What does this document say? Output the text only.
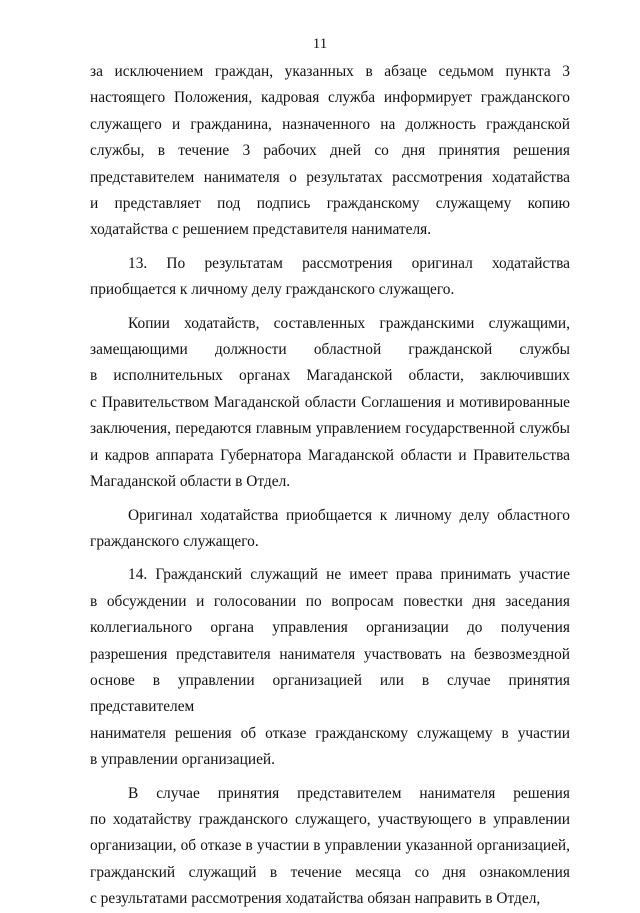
11
за исключением граждан, указанных в абзаце седьмом пункта 3
настоящего Положения, кадровая служба информирует гражданского
служащего и гражданина, назначенного на должность гражданской
службы, в течение 3 рабочих дней со дня принятия решения
представителем нанимателя о результатах рассмотрения ходатайства
и представляет под подпись гражданскому служащему копию
ходатайства с решением представителя нанимателя.
13. По результатам рассмотрения оригинал ходатайства
приобщается к личному делу гражданского служащего.
Копии ходатайств, составленных гражданскими служащими,
замещающими должности областной гражданской службы
в исполнительных органах Магаданской области, заключивших
с Правительством Магаданской области Соглашения и мотивированные
заключения, передаются главным управлением государственной службы
и кадров аппарата Губернатора Магаданской области и Правительства
Магаданской области в Отдел.
Оригинал ходатайства приобщается к личному делу областного
гражданского служащего.
14. Гражданский служащий не имеет права принимать участие
в обсуждении и голосовании по вопросам повестки дня заседания
коллегиального органа управления организации до получения
разрешения представителя нанимателя участвовать на безвозмездной
основе в управлении организацией или в случае принятия представителем
нанимателя решения об отказе гражданскому служащему в участии
в управлении организацией.
В случае принятия представителем нанимателя решения
по ходатайству гражданского служащего, участвующего в управлении
организации, об отказе в участии в управлении указанной организацией,
гражданский служащий в течение месяца со дня ознакомления
с результатами рассмотрения ходатайства обязан направить в Отдел,
